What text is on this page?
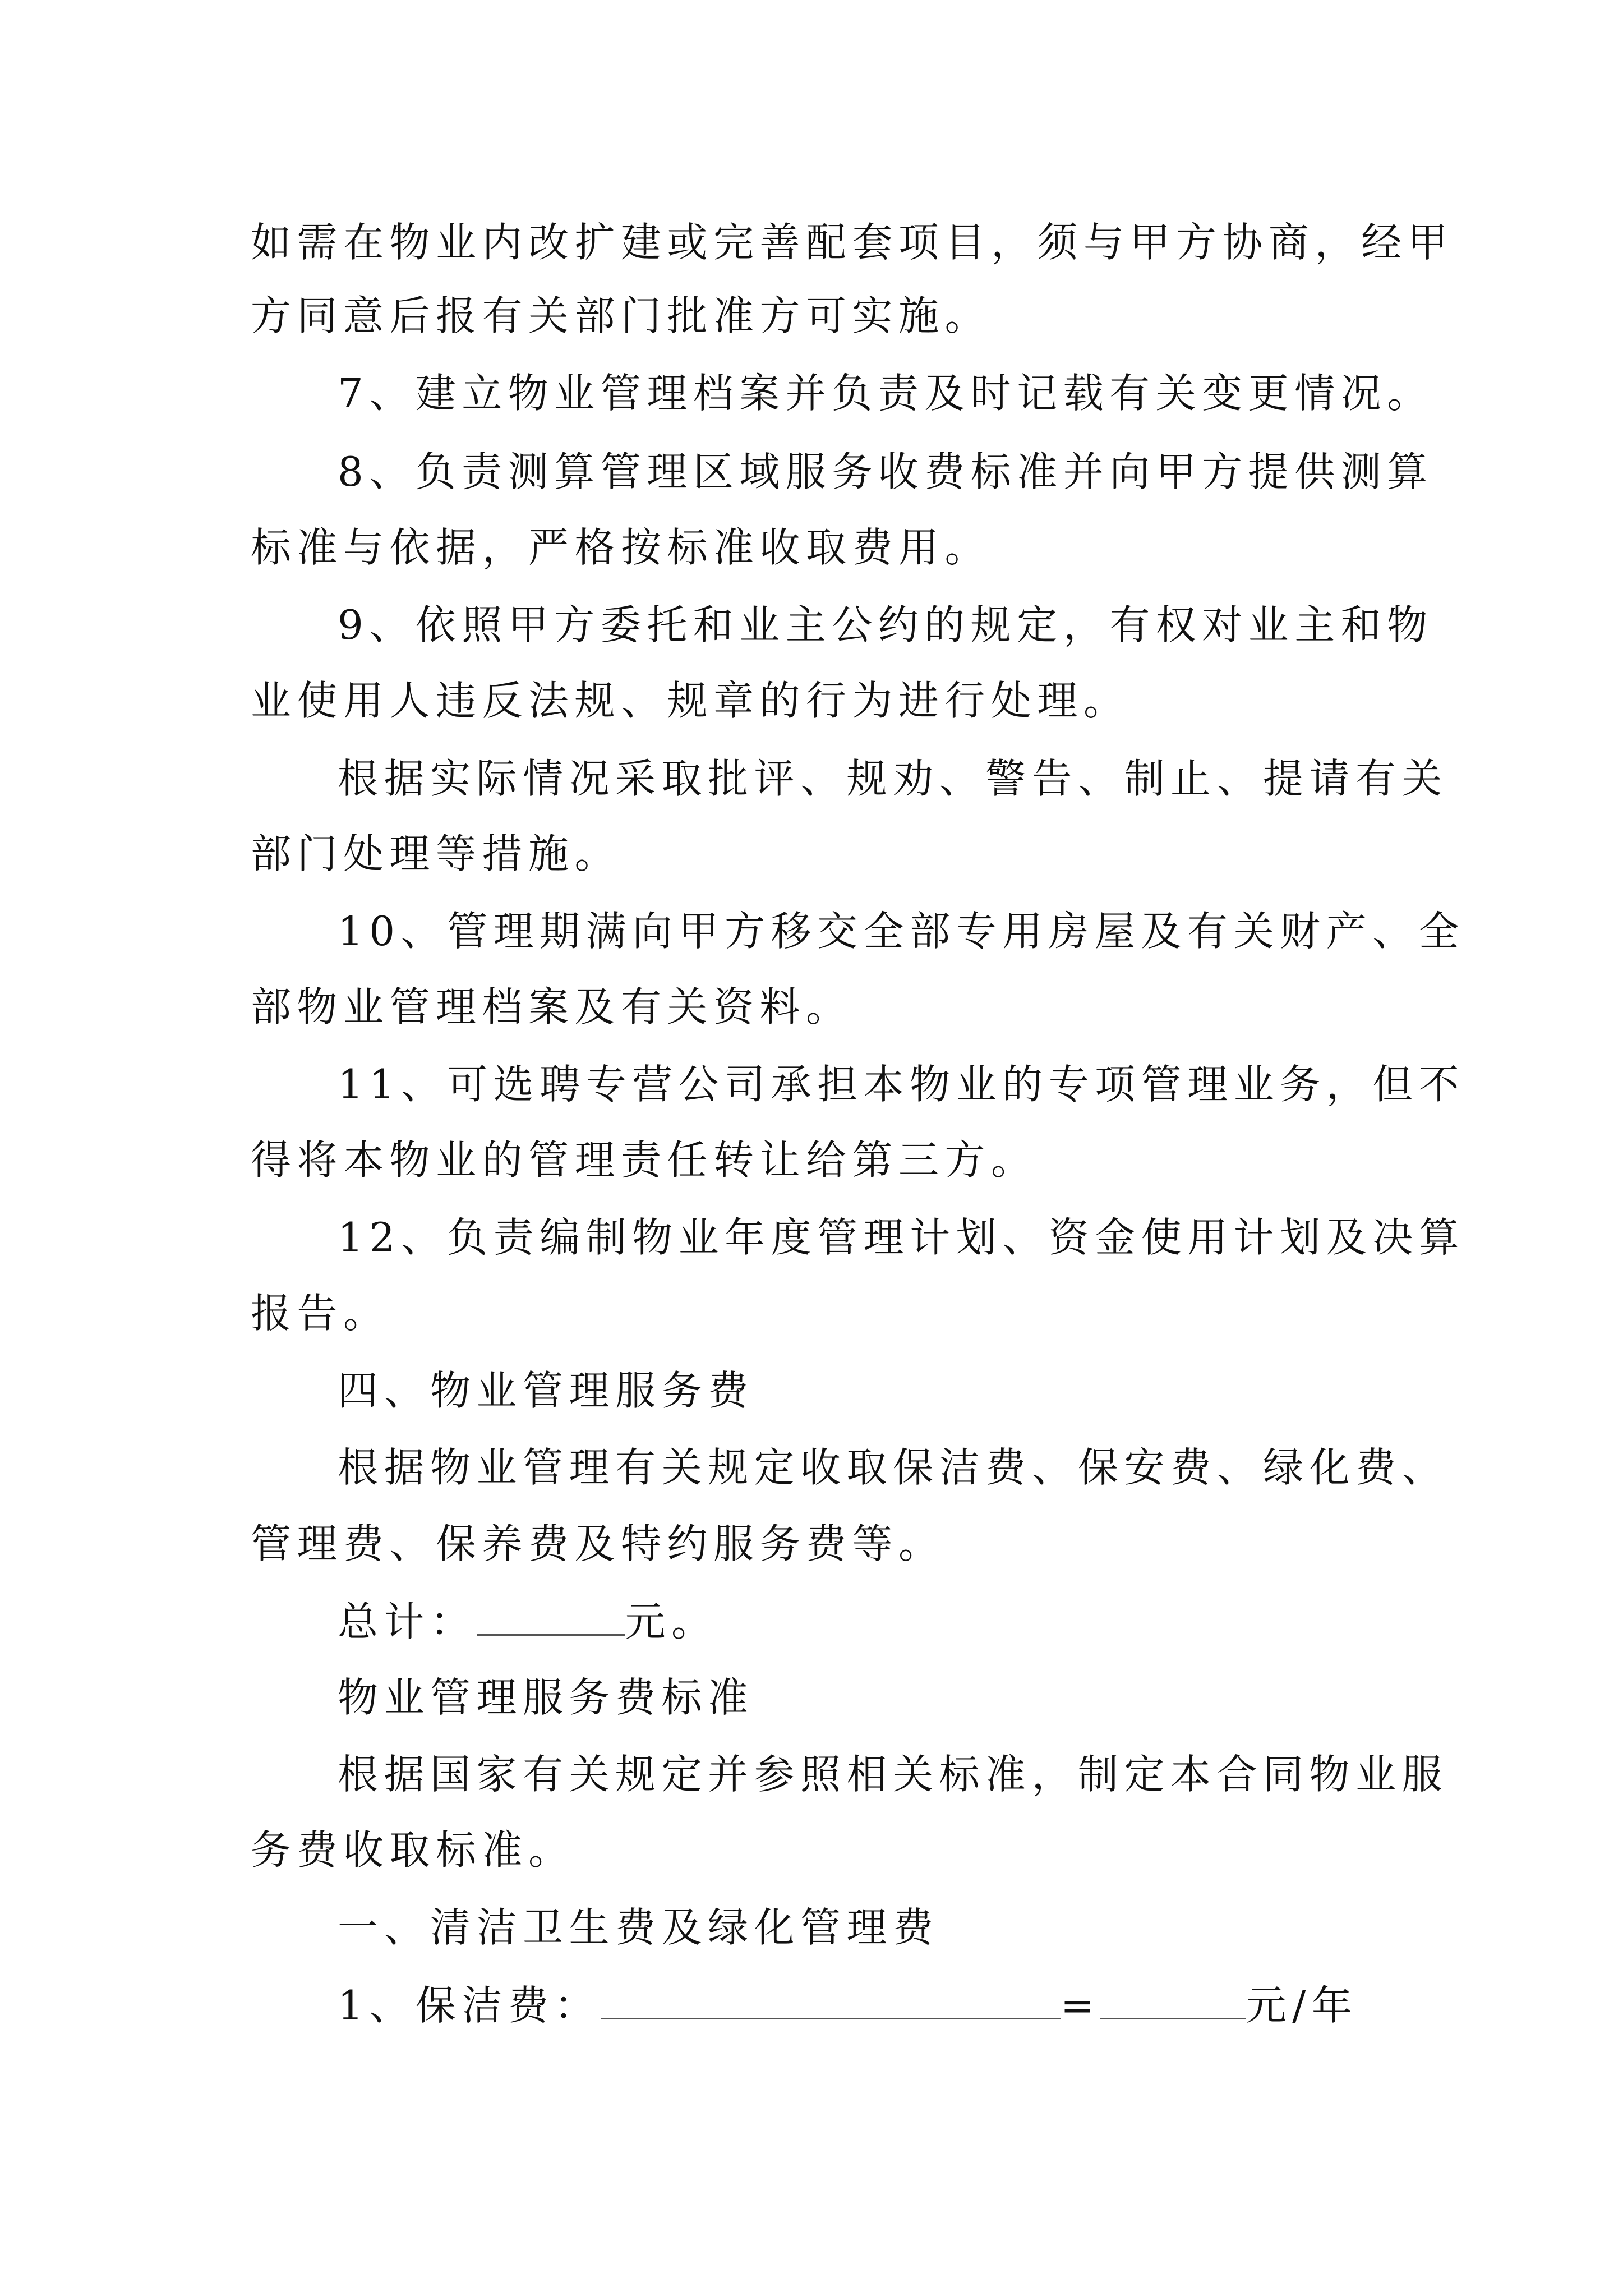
如需在物业内改扩建或完善配套项目，须与甲方协商，经甲
方同意后报有关部门批准方可实施。
7、建立物业管理档案并负责及时记载有关变更情况。
8、负责测算管理区域服务收费标准并向甲方提供测算
标准与依据，严格按标准收取费用。
9、依照甲方委托和业主公约的规定，有权对业主和物
业使用人违反法规、规章的行为进行处理。
根据实际情况采取批评、规劝、警告、制止、提请有关
部门处理等措施。
10、管理期满向甲方移交全部专用房屋及有关财产、全
部物业管理档案及有关资料。
11、可选聘专营公司承担本物业的专项管理业务，但不
得将本物业的管理责任转让给第三方。
12、负责编制物业年度管理计划、资金使用计划及决算
报告。
四、物业管理服务费
根据物业管理有关规定收取保洁费、保安费、绿化费、
管理费、保养费及特约服务费等。
总计：	元。
物业管理服务费标准
根据国家有关规定并参照相关标准，制定本合同物业服
务费收取标准。
一、清洁卫生费及绿化管理费
1、保洁费：	=	元/年
